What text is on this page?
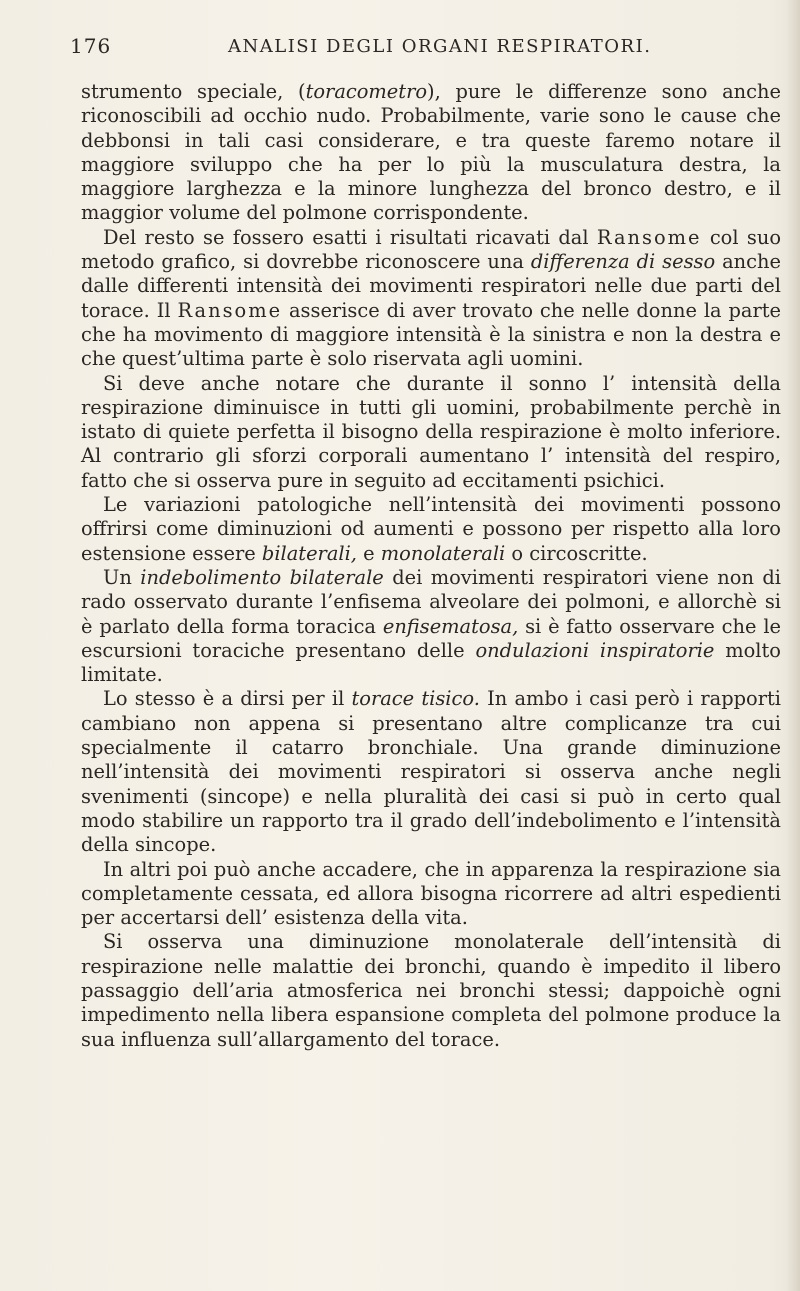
176	ANALISI DEGLI ORGANI RESPIRATORI.

strumento speciale, (toracometro), pure le differenze sono anche riconoscibili ad occhio nudo. Probabilmente, varie sono le cause che debbonsi in tali casi considerare, e tra queste faremo notare il maggiore sviluppo che ha per lo più la musculatura destra, la maggiore larghezza e la minore lunghezza del bronco destro, e il maggior volume del polmone corrispondente.

Del resto se fossero esatti i risultati ricavati dal Ransome col suo metodo grafico, si dovrebbe riconoscere una differenza di sesso anche dalle differenti intensità dei movimenti respiratori nelle due parti del torace. Il Ransome asserisce di aver trovato che nelle donne la parte che ha movimento di maggiore intensità è la sinistra e non la destra e che quest’ultima parte è solo riservata agli uomini.

Si deve anche notare che durante il sonno l’ intensità della respirazione diminuisce in tutti gli uomini, probabilmente perchè in istato di quiete perfetta il bisogno della respirazione è molto inferiore. Al contrario gli sforzi corporali aumentano l’ intensità del respiro, fatto che si osserva pure in seguito ad eccitamenti psichici.

Le variazioni patologiche nell’intensità dei movimenti possono offrirsi come diminuzioni od aumenti e possono per rispetto alla loro estensione essere bilaterali, e monolaterali o circoscritte.

Un indebolimento bilaterale dei movimenti respiratori viene non di rado osservato durante l’enfisema alveolare dei polmoni, e allorchè si è parlato della forma toracica enfisematosa, si è fatto osservare che le escursioni toraciche presentano delle ondulazioni inspiratorie molto limitate.

Lo stesso è a dirsi per il torace tisico. In ambo i casi però i rapporti cambiano non appena si presentano altre complicanze tra cui specialmente il catarro bronchiale. Una grande diminuzione nell’intensità dei movimenti respiratori si osserva anche negli svenimenti (sincope) e nella pluralità dei casi si può in certo qual modo stabilire un rapporto tra il grado dell’indebolimento e l’intensità della sincope.

In altri poi può anche accadere, che in apparenza la respirazione sia completamente cessata, ed allora bisogna ricorrere ad altri espedienti per accertarsi dell’ esistenza della vita.

Si osserva una diminuzione monolaterale dell’intensità di respirazione nelle malattie dei bronchi, quando è impedito il libero passaggio dell’aria atmosferica nei bronchi stessi; dappoichè ogni impedimento nella libera espansione completa del polmone produce la sua influenza sull’allargamento del torace.
